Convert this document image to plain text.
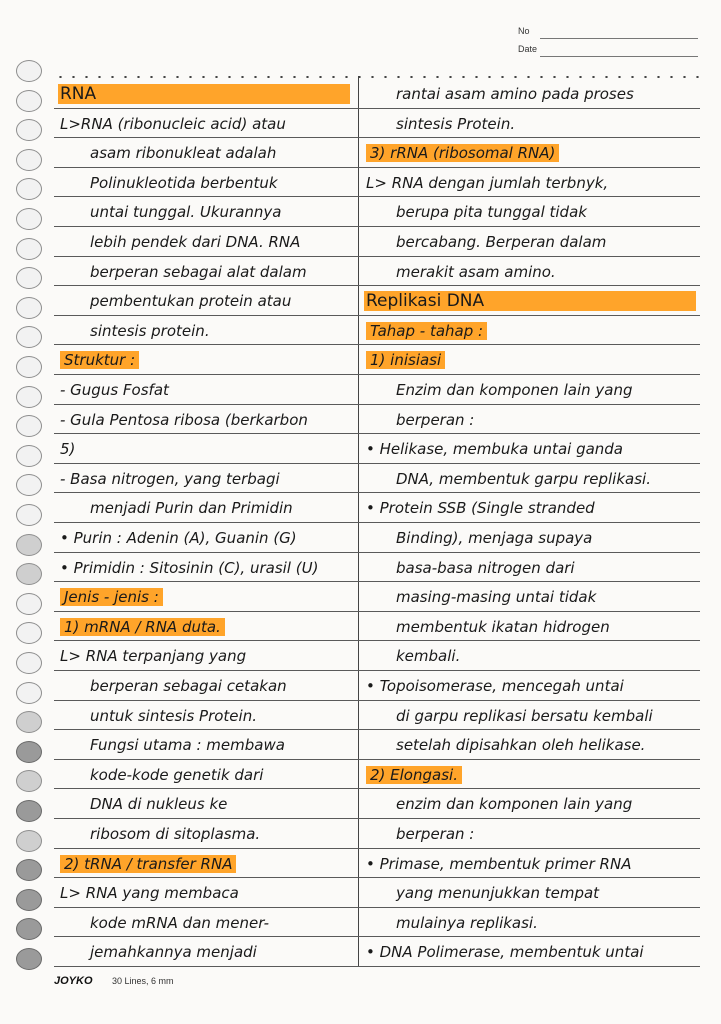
No
Date
RNA
L>RNA (ribonucleic acid) atau
asam ribonukleat adalah
Polinukleotida berbentuk
untai tunggal. Ukurannya
lebih pendek dari DNA. RNA
berperan sebagai alat dalam
pembentukan protein atau
sintesis protein.
Struktur :
- Gugus Fosfat
- Gula Pentosa ribosa (berkarbon
5)
- Basa nitrogen, yang terbagi
menjadi Purin dan Primidin
• Purin : Adenin (A), Guanin (G)
• Primidin : Sitosinin (C), urasil (U)
Jenis - jenis :
1) mRNA / RNA duta.
L> RNA terpanjang yang
berperan sebagai cetakan
untuk sintesis Protein.
Fungsi utama : membawa
kode-kode genetik dari
DNA di nukleus ke
ribosom di sitoplasma.
2) tRNA / transfer RNA
L> RNA yang membaca
kode mRNA dan mener-
jemahkannya menjadi
rantai asam amino pada proses
sintesis Protein.
3) rRNA (ribosomal RNA)
L> RNA dengan jumlah terbnyk,
berupa pita tunggal tidak
bercabang. Berperan dalam
merakit asam amino.
Replikasi DNA
Tahap - tahap :
1) inisiasi
Enzim dan komponen lain yang
berperan :
• Helikase, membuka untai ganda
DNA, membentuk garpu replikasi.
• Protein SSB (Single stranded
Binding), menjaga supaya
basa-basa nitrogen dari
masing-masing untai tidak
membentuk ikatan hidrogen
kembali.
• Topoisomerase, mencegah untai
di garpu replikasi bersatu kembali
setelah dipisahkan oleh helikase.
2) Elongasi.
enzim dan komponen lain yang
berperan :
• Primase, membentuk primer RNA
yang menunjukkan tempat
mulainya replikasi.
• DNA Polimerase, membentuk untai
JOYKO 30 Lines, 6 mm
